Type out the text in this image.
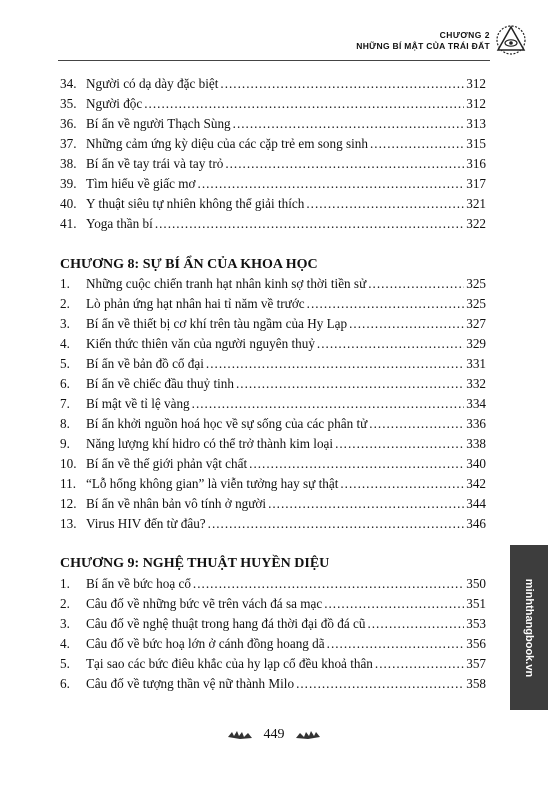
CHƯƠNG 2
NHỮNG BÍ MẬT CỦA TRÁI ĐẤT
34. Người có dạ dày đặc biệt .....	312
35. Người độc .....	312
36. Bí ẩn về người Thạch Sùng .....	313
37. Những cảm ứng kỳ diệu của các cặp trẻ em song sinh .....	315
38. Bí ẩn về tay trái và tay trỏ .....	316
39. Tìm hiểu về giấc mơ .....	317
40. Y thuật siêu tự nhiên không thể giải thích .....	321
41. Yoga thần bí .....	322
CHƯƠNG 8: SỰ BÍ ẨN CỦA KHOA HỌC
1.	Những cuộc chiến tranh hạt nhân kinh sợ thời tiền sử .....	325
2.	Lò phản ứng hạt nhân hai tỉ năm về trước .....	325
3.	Bí ẩn về thiết bị cơ khí trên tàu ngầm của Hy Lạp .....	327
4.	Kiến thức thiên văn của người nguyên thuỷ .....	329
5.	Bí ẩn về bản đồ cổ đại .....	331
6.	Bí ẩn về chiếc đầu thuỷ tinh .....	332
7.	Bí mật về tỉ lệ vàng .....	334
8.	Bí ẩn khởi nguồn hoá học về sự sống của các phân tử .....	336
9.	Năng lượng khí hidro có thể trở thành kim loại .....	338
10. Bí ẩn về thế giới phản vật chất .....	340
11. “Lỗ hổng không gian” là viễn tưởng hay sự thật .....	342
12. Bí ẩn về nhân bản vô tính ở người .....	344
13. Virus HIV đến từ đâu? .....	346
CHƯƠNG 9: NGHỆ THUẬT HUYỀN DIỆU
1.	Bí ẩn về bức hoạ cổ .....	350
2.	Câu đố về những bức vẽ trên vách đá sa mạc .....	351
3.	Câu đố về nghệ thuật trong hang đá thời đại đồ đá cũ .....	353
4.	Câu đố về bức hoạ lớn ở cánh đồng hoang dã .....	356
5.	Tại sao các bức điêu khắc của hy lạp cổ đều khoả thân .....	357
6.	Câu đố về tượng thần vệ nữ thành Milo .....	358
minhthangbook.vn
449
